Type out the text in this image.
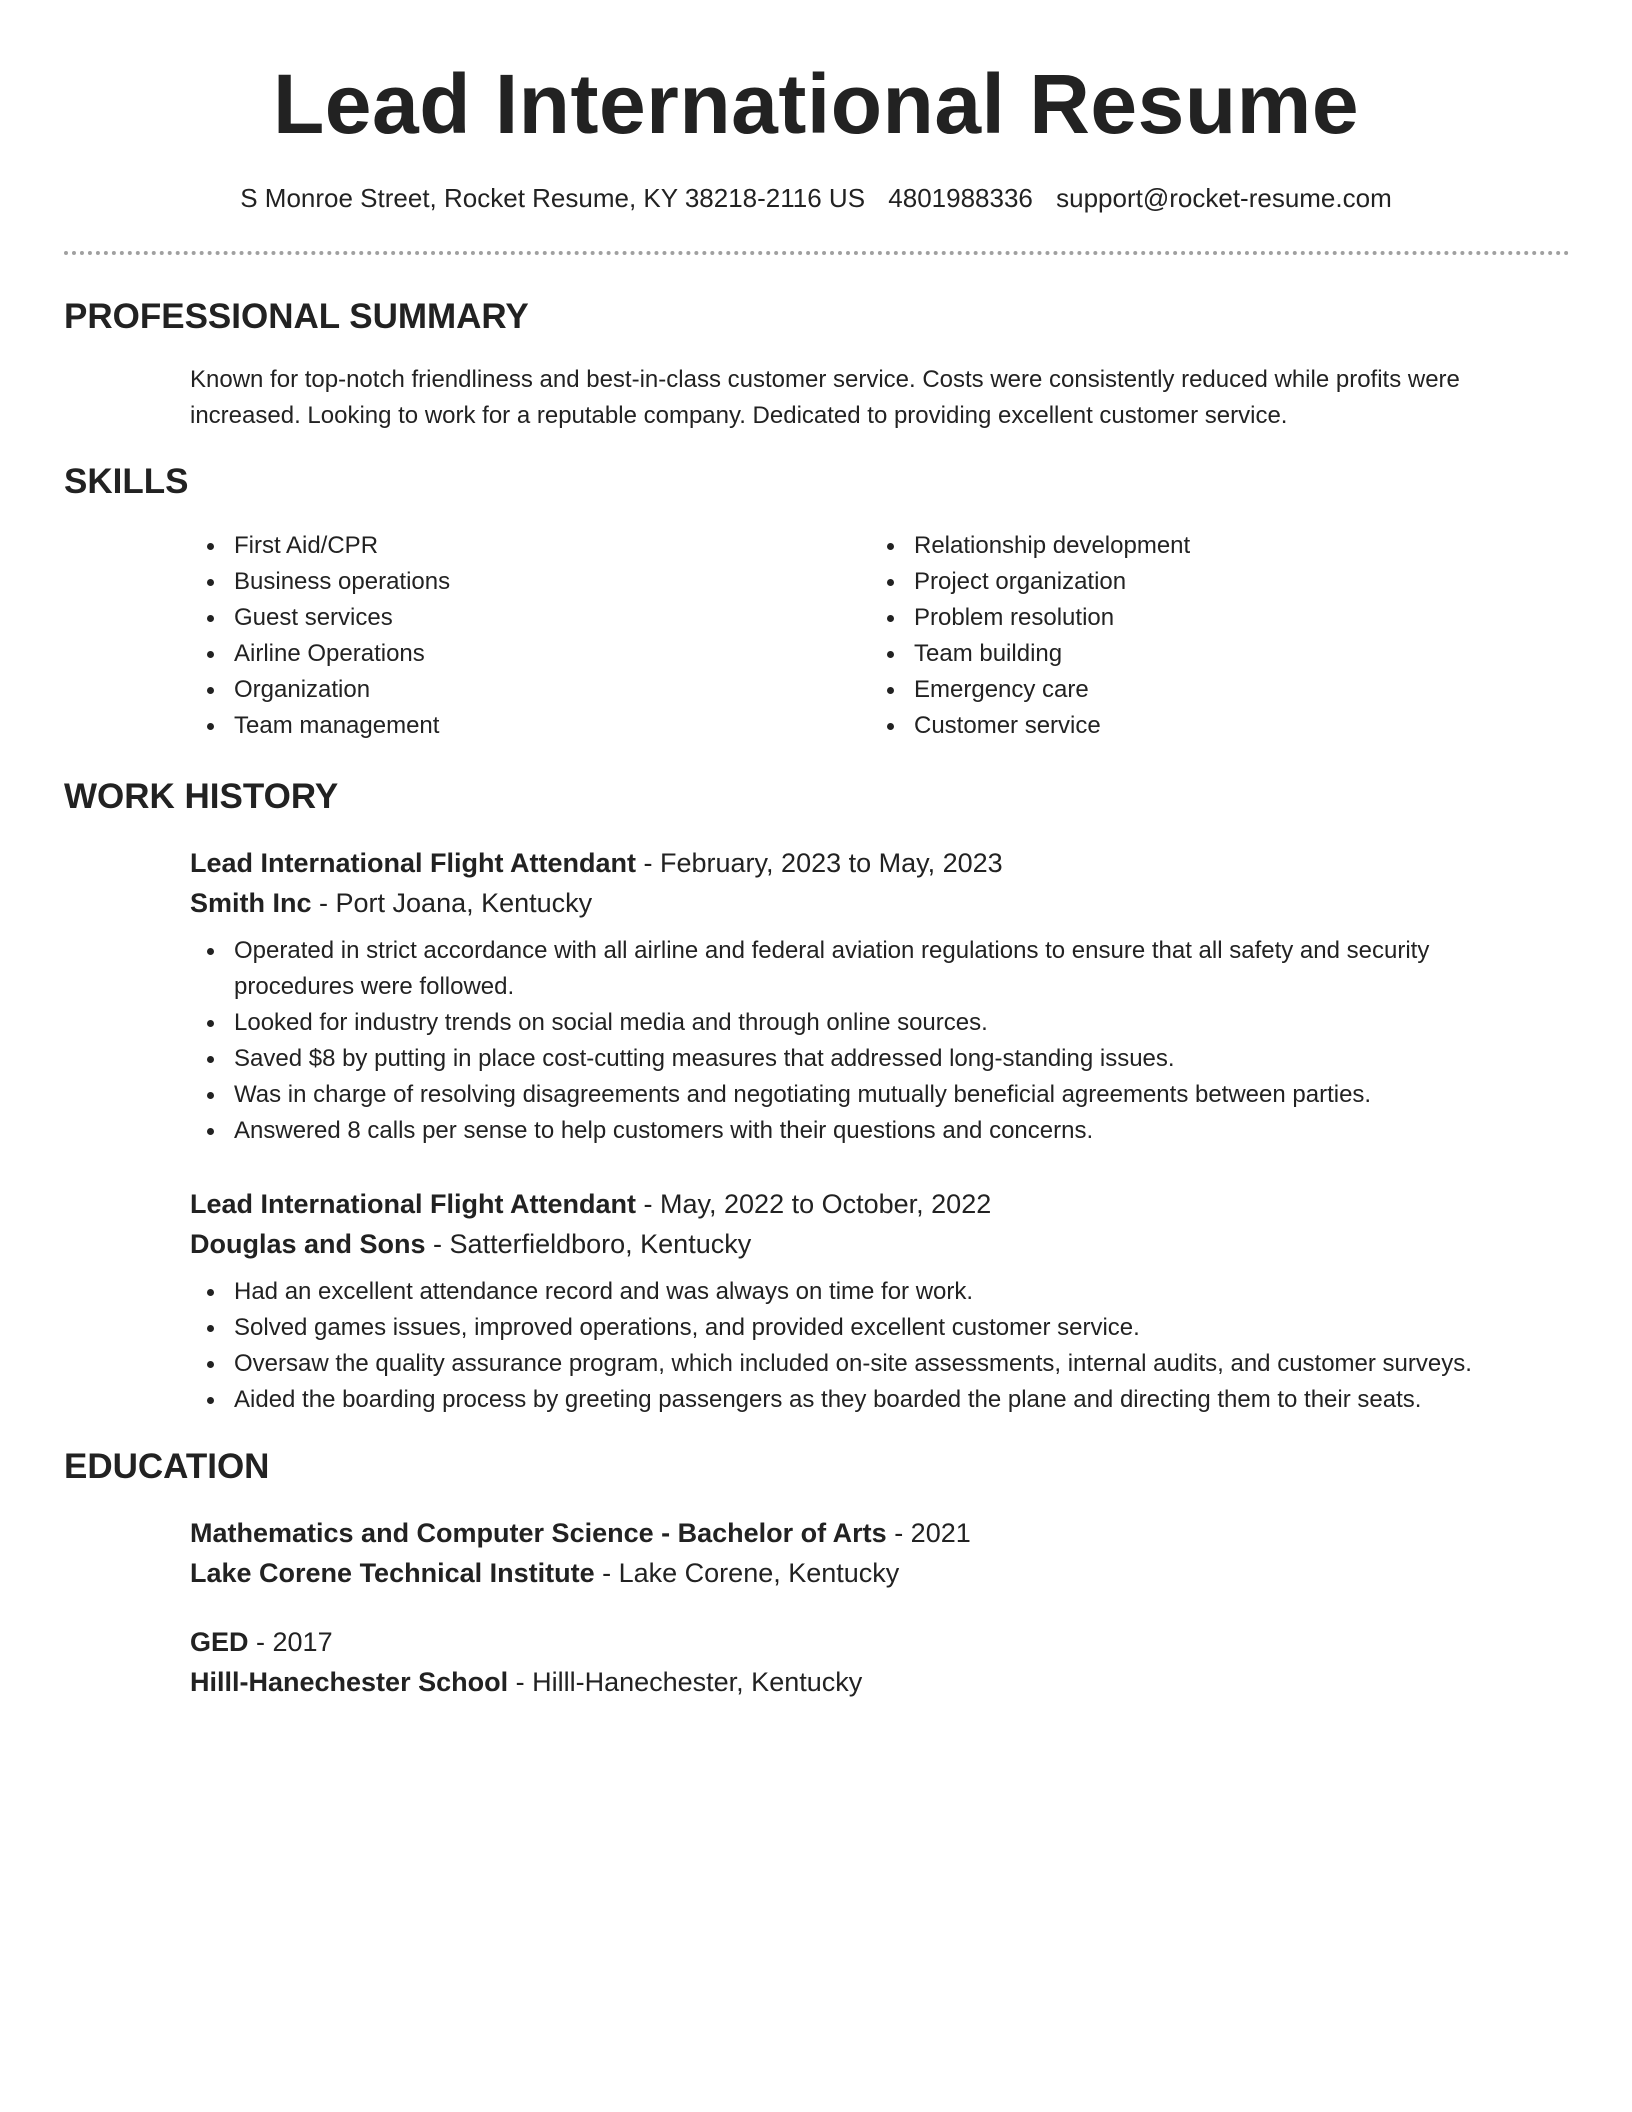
Lead International Resume
S Monroe Street, Rocket Resume, KY 38218-2116 US 4801988336 support@rocket-resume.com
PROFESSIONAL SUMMARY

Known for top-notch friendliness and best-in-class customer service. Costs were consistently reduced while profits were increased. Looking to work for a reputable company. Dedicated to providing excellent customer service.

SKILLS
First Aid/CPR
Business operations
Guest services
Airline Operations
Organization
Team management
Relationship development
Project organization
Problem resolution
Team building
Emergency care
Customer service
WORK HISTORY

Lead International Flight Attendant - February, 2023 to May, 2023

Smith Inc - Port Joana, Kentucky

Operated in strict accordance with all airline and federal aviation regulations to ensure that all safety and security procedures were followed.
Looked for industry trends on social media and through online sources.
Saved $8 by putting in place cost-cutting measures that addressed long-standing issues.
Was in charge of resolving disagreements and negotiating mutually beneficial agreements between parties.
Answered 8 calls per sense to help customers with their questions and concerns.

Lead International Flight Attendant - May, 2022 to October, 2022

Douglas and Sons - Satterfieldboro, Kentucky

Had an excellent attendance record and was always on time for work.
Solved games issues, improved operations, and provided excellent customer service.
Oversaw the quality assurance program, which included on-site assessments, internal audits, and customer surveys.
Aided the boarding process by greeting passengers as they boarded the plane and directing them to their seats.
EDUCATION

Mathematics and Computer Science - Bachelor of Arts - 2021

Lake Corene Technical Institute - Lake Corene, Kentucky

GED - 2017

Hilll-Hanechester School - Hilll-Hanechester, Kentucky
